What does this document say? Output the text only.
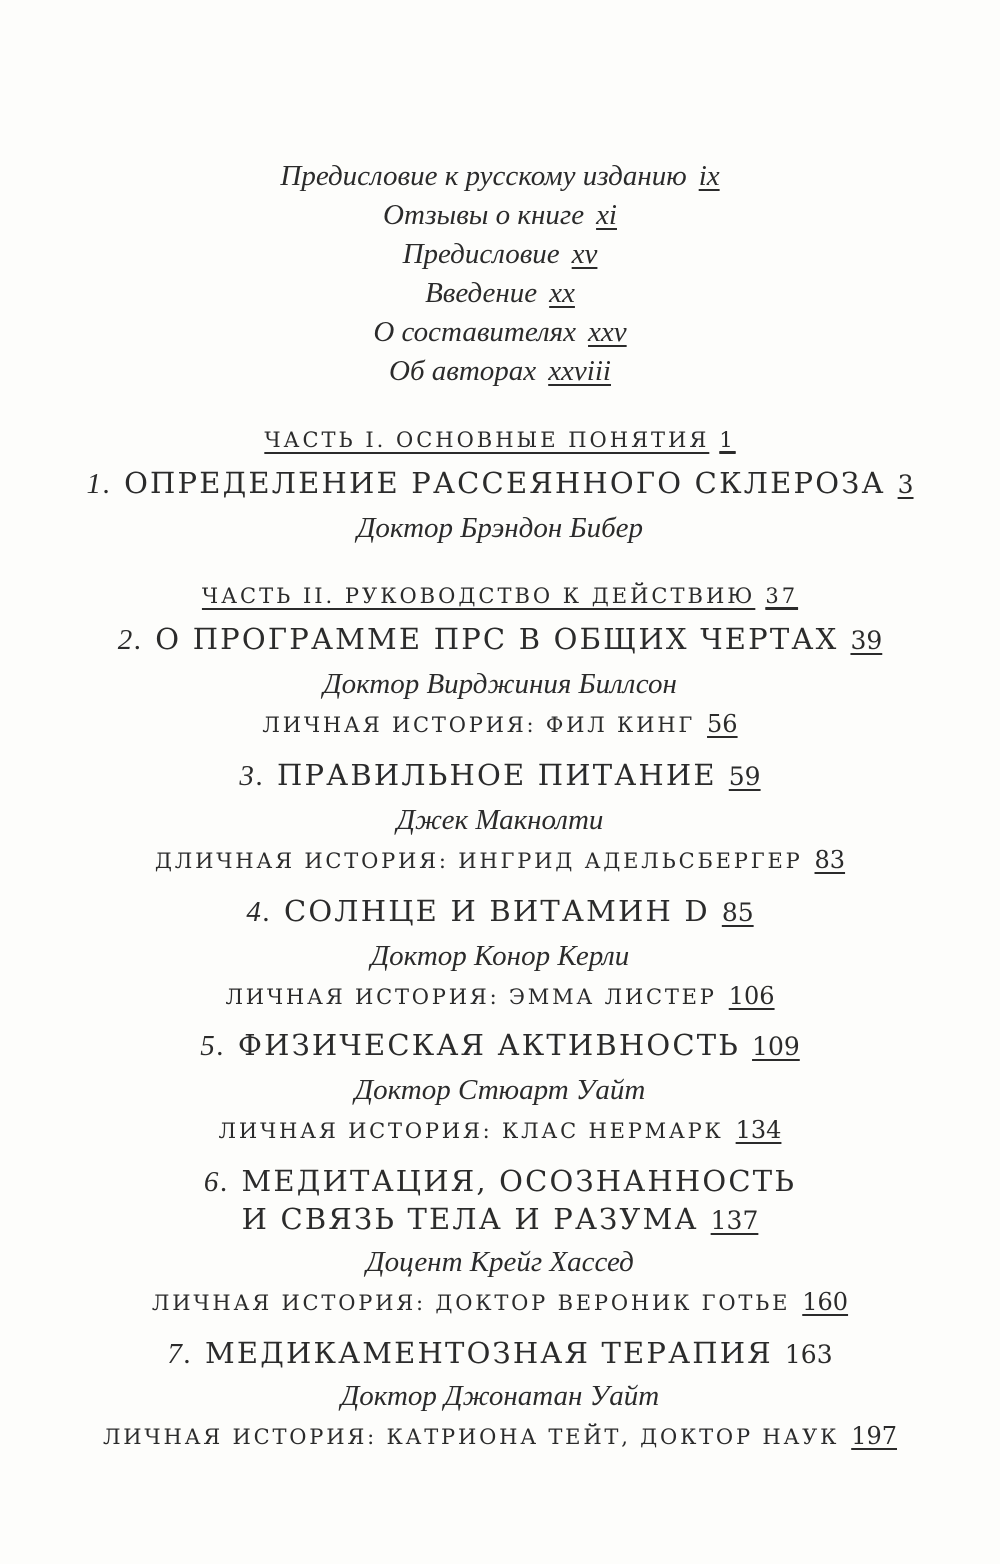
Предисловие к русскому изданию ix
Отзывы о книге xi
Предисловие xv
Введение xx
О составителях xxv
Об авторах xxviii
ЧАСТЬ I. ОСНОВНЫЕ ПОНЯТИЯ 1
1. ОПРЕДЕЛЕНИЕ РАССЕЯННОГО СКЛЕРОЗА 3
Доктор Брэндон Бибер
ЧАСТЬ II. РУКОВОДСТВО К ДЕЙСТВИЮ 37
2. О ПРОГРАММЕ ПРС В ОБЩИХ ЧЕРТАХ 39
Доктор Вирджиния Биллсон
ЛИЧНАЯ ИСТОРИЯ: ФИЛ КИНГ 56
3. ПРАВИЛЬНОЕ ПИТАНИЕ 59
Джек Макнолти
ДЛИЧНАЯ ИСТОРИЯ: ИНГРИД АДЕЛЬСБЕРГЕР 83
4. СОЛНЦЕ И ВИТАМИН D 85
Доктор Конор Керли
ЛИЧНАЯ ИСТОРИЯ: ЭММА ЛИСТЕР 106
5. ФИЗИЧЕСКАЯ АКТИВНОСТЬ 109
Доктор Стюарт Уайт
ЛИЧНАЯ ИСТОРИЯ: КЛАС НЕРМАРК 134
6. МЕДИТАЦИЯ, ОСОЗНАННОСТЬ
И СВЯЗЬ ТЕЛА И РАЗУМА 137
Доцент Крейг Хассед
ЛИЧНАЯ ИСТОРИЯ: ДОКТОР ВЕРОНИК ГОТЬЕ 160
7. МЕДИКАМЕНТОЗНАЯ ТЕРАПИЯ 163
Доктор Джонатан Уайт
ЛИЧНАЯ ИСТОРИЯ: КАТРИОНА ТЕЙТ, ДОКТОР НАУК 197
